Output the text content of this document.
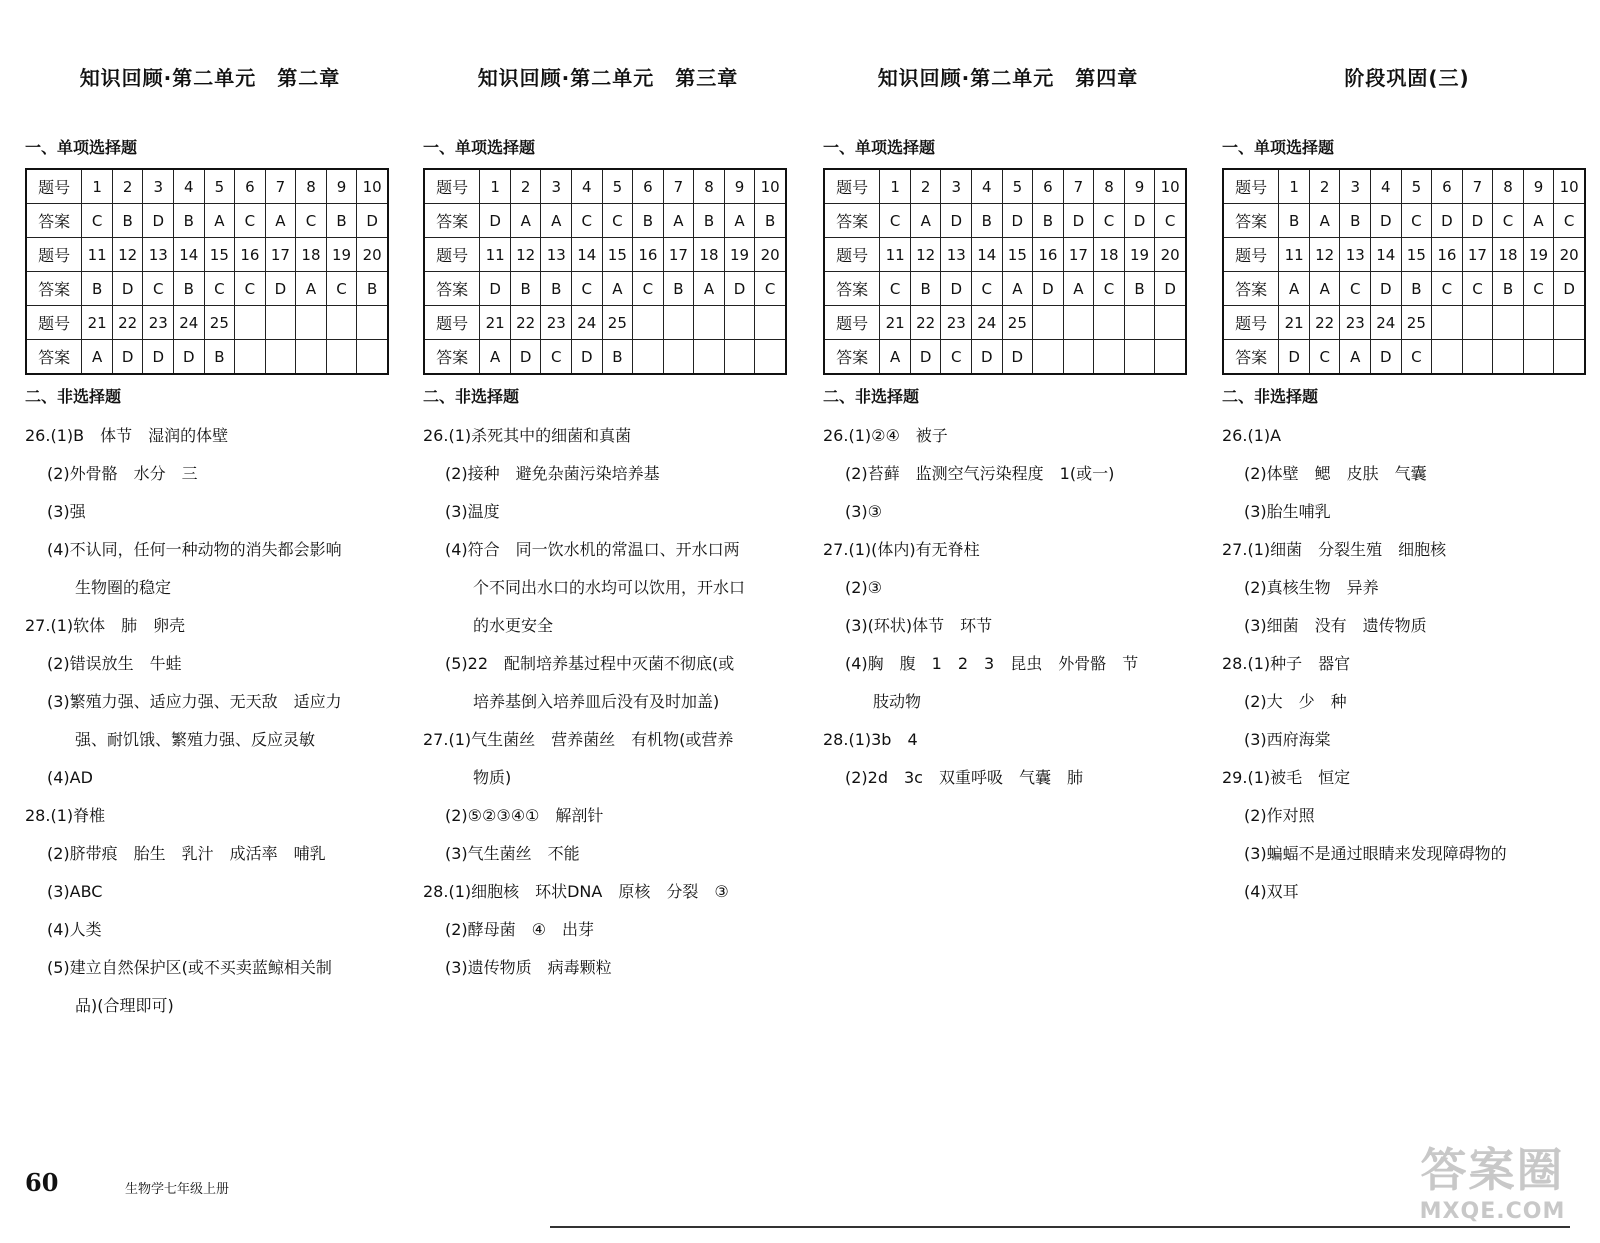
知识回顾·第二单元　第二章
一、单项选择题
题号	1	2	3	4	5	6	7	8	9	10
答案	C	B	D	B	A	C	A	C	B	D
题号	11	12	13	14	15	16	17	18	19	20
答案	B	D	C	B	C	C	D	A	C	B
题号	21	22	23	24	25					
答案	A	D	D	D	B					
二、非选择题
26.(1)B　体节　湿润的体壁
(2)外骨骼　水分　三
(3)强
(4)不认同，任何一种动物的消失都会影响
生物圈的稳定
27.(1)软体　肺　卵壳
(2)错误放生　牛蛙
(3)繁殖力强、适应力强、无天敌　适应力
强、耐饥饿、繁殖力强、反应灵敏
(4)AD
28.(1)脊椎
(2)脐带痕　胎生　乳汁　成活率　哺乳
(3)ABC
(4)人类
(5)建立自然保护区(或不买卖蓝鲸相关制
品)(合理即可)
知识回顾·第二单元　第三章
一、单项选择题
题号	1	2	3	4	5	6	7	8	9	10
答案	D	A	A	C	C	B	A	B	A	B
题号	11	12	13	14	15	16	17	18	19	20
答案	D	B	B	C	A	C	B	A	D	C
题号	21	22	23	24	25					
答案	A	D	C	D	B					
二、非选择题
26.(1)杀死其中的细菌和真菌
(2)接种　避免杂菌污染培养基
(3)温度
(4)符合　同一饮水机的常温口、开水口两
个不同出水口的水均可以饮用，开水口
的水更安全
(5)22　配制培养基过程中灭菌不彻底(或
培养基倒入培养皿后没有及时加盖)
27.(1)气生菌丝　营养菌丝　有机物(或营养
物质)
(2)⑤②③④①　解剖针
(3)气生菌丝　不能
28.(1)细胞核　环状DNA　原核　分裂　③
(2)酵母菌　④　出芽
(3)遗传物质　病毒颗粒
知识回顾·第二单元　第四章
一、单项选择题
题号	1	2	3	4	5	6	7	8	9	10
答案	C	A	D	B	D	B	D	C	D	C
题号	11	12	13	14	15	16	17	18	19	20
答案	C	B	D	C	A	D	A	C	B	D
题号	21	22	23	24	25					
答案	A	D	C	D	D					
二、非选择题
26.(1)②④　被子
(2)苔藓　监测空气污染程度　1(或一)
(3)③
27.(1)(体内)有无脊柱
(2)③
(3)(环状)体节　环节
(4)胸　腹　1　2　3　昆虫　外骨骼　节
肢动物
28.(1)3b　4
(2)2d　3c　双重呼吸　气囊　肺
阶段巩固(三)
一、单项选择题
题号	1	2	3	4	5	6	7	8	9	10
答案	B	A	B	D	C	D	D	C	A	C
题号	11	12	13	14	15	16	17	18	19	20
答案	A	A	C	D	B	C	C	B	C	D
题号	21	22	23	24	25					
答案	D	C	A	D	C					
二、非选择题
26.(1)A
(2)体壁　鳃　皮肤　气囊
(3)胎生哺乳
27.(1)细菌　分裂生殖　细胞核
(2)真核生物　异养
(3)细菌　没有　遗传物质
28.(1)种子　器官
(2)大　少　种
(3)西府海棠
29.(1)被毛　恒定
(2)作对照
(3)蝙蝠不是通过眼睛来发现障碍物的
(4)双耳
60	生物学七年级上册	答案圈
MXQE.COM
